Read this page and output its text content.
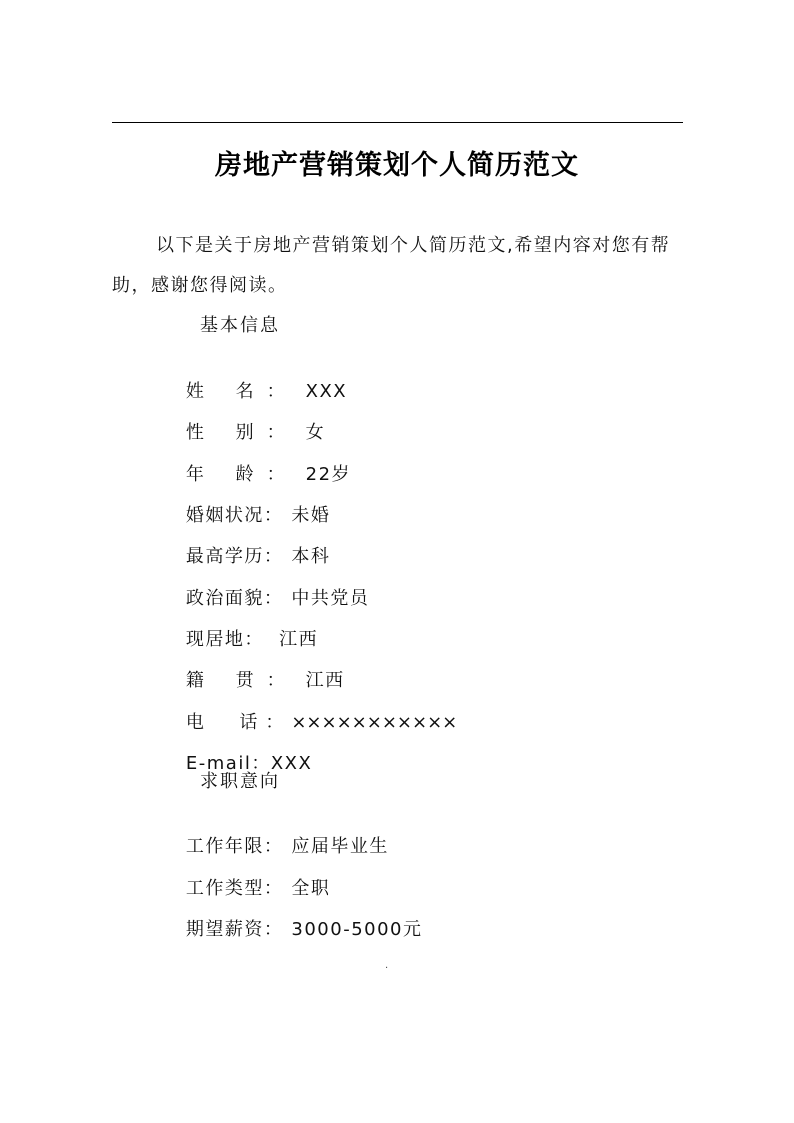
房地产营销策划个人简历范文
以下是关于房地产营销策划个人简历范文,希望内容对您有帮助，感谢您得阅读。
基本信息

姓 名： XXX

性 别： 女

年 龄： 22岁

婚姻状况： 未婚

最高学历： 本科

政治面貌： 中共党员

现居地： 江西

籍 贯： 江西

电  话：×××××××××××

E-mail：XXX

求职意向

工作年限： 应届毕业生

工作类型： 全职

期望薪资： 3000-5000元

.
